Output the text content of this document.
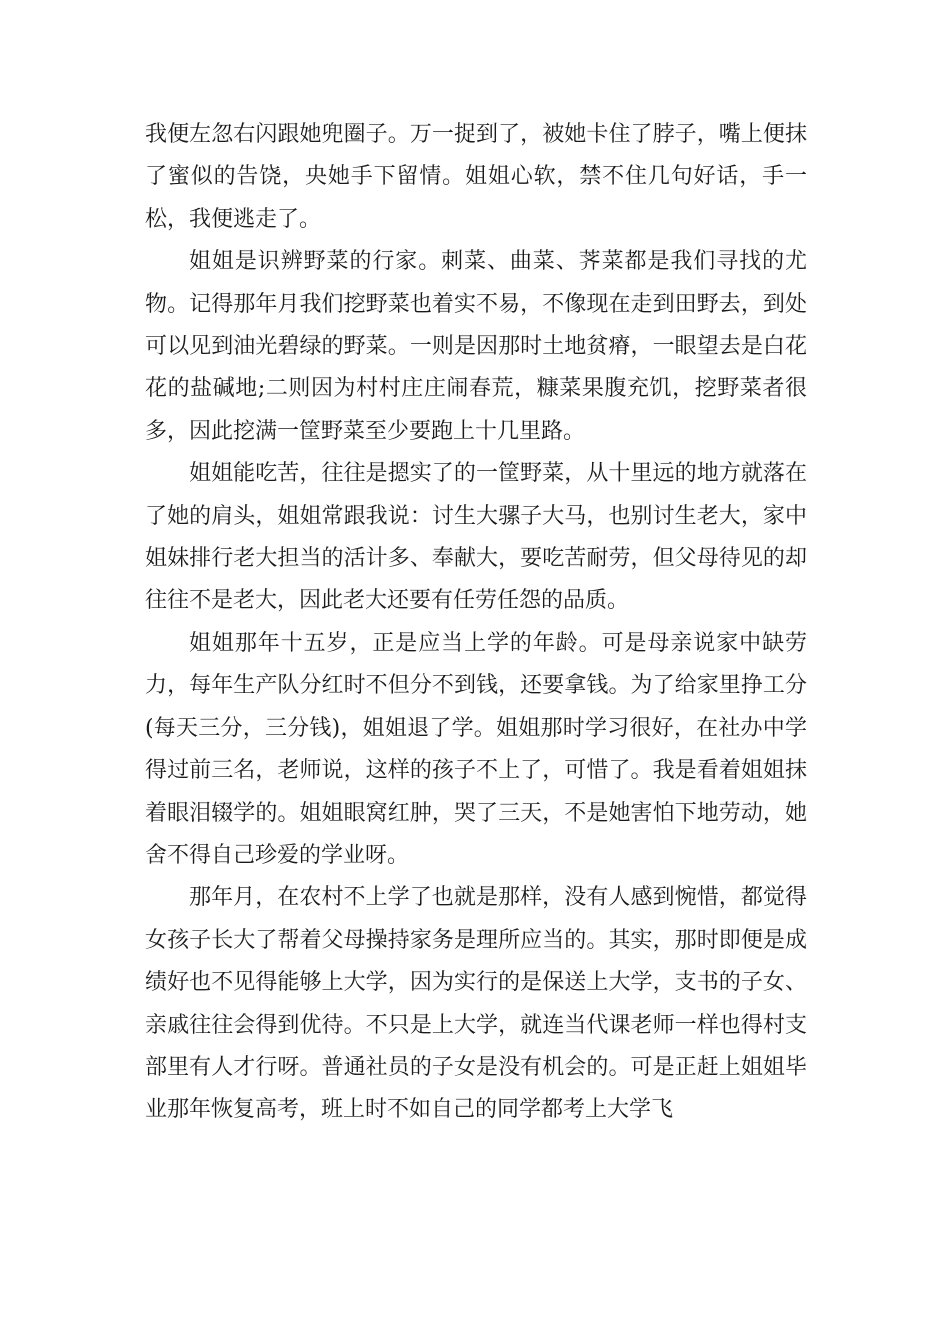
我便左忽右闪跟她兜圈子。万一捉到了，被她卡住了脖子，嘴上便抹了蜜似的告饶，央她手下留情。姐姐心软，禁不住几句好话，手一松，我便逃走了。

姐姐是识辨野菜的行家。刺菜、曲菜、荠菜都是我们寻找的尤物。记得那年月我们挖野菜也着实不易，不像现在走到田野去，到处可以见到油光碧绿的野菜。一则是因那时土地贫瘠，一眼望去是白花花的盐碱地;二则因为村村庄庄闹春荒，糠菜果腹充饥，挖野菜者很多，因此挖满一筐野菜至少要跑上十几里路。

姐姐能吃苦，往往是摁实了的一筐野菜，从十里远的地方就落在了她的肩头，姐姐常跟我说：讨生大骡子大马，也别讨生老大，家中姐妹排行老大担当的活计多、奉献大，要吃苦耐劳，但父母待见的却往往不是老大，因此老大还要有任劳任怨的品质。

姐姐那年十五岁，正是应当上学的年龄。可是母亲说家中缺劳力，每年生产队分红时不但分不到钱，还要拿钱。为了给家里挣工分(每天三分，三分钱)，姐姐退了学。姐姐那时学习很好，在社办中学得过前三名，老师说，这样的孩子不上了，可惜了。我是看着姐姐抹着眼泪辍学的。姐姐眼窝红肿，哭了三天，不是她害怕下地劳动，她舍不得自己珍爱的学业呀。

那年月，在农村不上学了也就是那样，没有人感到惋惜，都觉得女孩子长大了帮着父母操持家务是理所应当的。其实，那时即便是成绩好也不见得能够上大学，因为实行的是保送上大学，支书的子女、亲戚往往会得到优待。不只是上大学，就连当代课老师一样也得村支部里有人才行呀。普通社员的子女是没有机会的。可是正赶上姐姐毕业那年恢复高考，班上时不如自己的同学都考上大学飞
